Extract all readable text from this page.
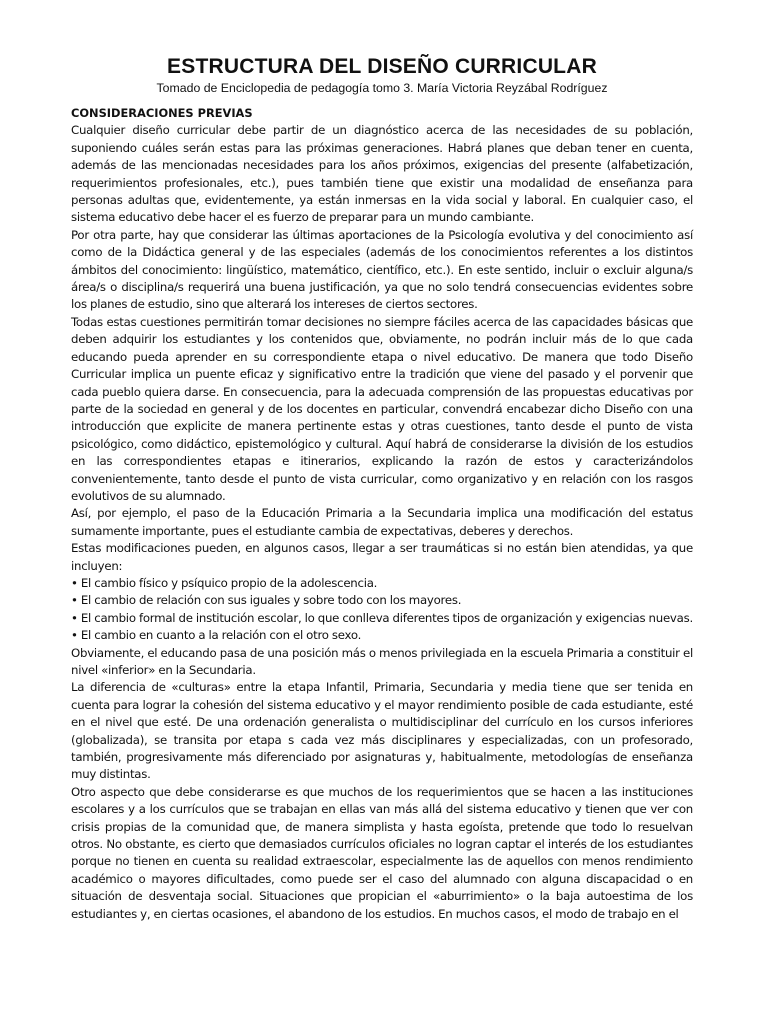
ESTRUCTURA DEL DISEÑO CURRICULAR

Tomado de Enciclopedia de pedagogía tomo 3. María Victoria Reyzábal Rodríguez

CONSIDERACIONES PREVIAS

Cualquier diseño curricular debe partir de un diagnóstico acerca de las necesidades de su población, suponiendo cuáles serán estas para las próximas generaciones. Habrá planes que deban tener en cuenta, además de las mencionadas necesidades para los años próximos, exigencias del presente (alfabetización, requerimientos profesionales, etc.), pues también tiene que existir una modalidad de enseñanza para personas adultas que, evidentemente, ya están inmersas en la vida social y laboral. En cualquier caso, el sistema educativo debe hacer el es fuerzo de preparar para un mundo cambiante.

Por otra parte, hay que considerar las últimas aportaciones de la Psicología evolutiva y del conocimiento así como de la Didáctica general y de las especiales (además de los conocimientos referentes a los distintos ámbitos del conocimiento: lingüístico, matemático, científico, etc.). En este sentido, incluir o excluir alguna/s área/s o disciplina/s requerirá una buena justificación, ya que no solo tendrá consecuencias evidentes sobre los planes de estudio, sino que alterará los intereses de ciertos sectores.

Todas estas cuestiones permitirán tomar decisiones no siempre fáciles acerca de las capacidades básicas que deben adquirir los estudiantes y los contenidos que, obviamente, no podrán incluir más de lo que cada educando pueda aprender en su correspondiente etapa o nivel educativo. De manera que todo Diseño Curricular implica un puente eficaz y significativo entre la tradición que viene del pasado y el porvenir que cada pueblo quiera darse. En consecuencia, para la adecuada comprensión de las propuestas educativas por parte de la sociedad en general y de los docentes en particular, convendrá encabezar dicho Diseño con una introducción que explicite de manera pertinente estas y otras cuestiones, tanto desde el punto de vista psicológico, como didáctico, epistemológico y cultural. Aquí habrá de considerarse la división de los estudios en las correspondientes etapas e itinerarios, explicando la razón de estos y caracterizándolos convenientemente, tanto desde el punto de vista curricular, como organizativo y en relación con los rasgos evolutivos de su alumnado.

Así, por ejemplo, el paso de la Educación Primaria a la Secundaria implica una modificación del estatus sumamente importante, pues el estudiante cambia de expectativas, deberes y derechos.

Estas modificaciones pueden, en algunos casos, llegar a ser traumáticas si no están bien atendidas, ya que incluyen:

• El cambio físico y psíquico propio de la adolescencia.
• El cambio de relación con sus iguales y sobre todo con los mayores.
• El cambio formal de institución escolar, lo que conlleva diferentes tipos de organización y exigencias nuevas.
• El cambio en cuanto a la relación con el otro sexo.

Obviamente, el educando pasa de una posición más o menos privilegiada en la escuela Primaria a constituir el nivel «inferior» en la Secundaria.

La diferencia de «culturas» entre la etapa Infantil, Primaria, Secundaria y media tiene que ser tenida en cuenta para lograr la cohesión del sistema educativo y el mayor rendimiento posible de cada estudiante, esté en el nivel que esté. De una ordenación generalista o multidisciplinar del currículo en los cursos inferiores (globalizada), se transita por etapa s cada vez más disciplinares y especializadas, con un profesorado, también, progresivamente más diferenciado por asignaturas y, habitualmente, metodologías de enseñanza muy distintas.

Otro aspecto que debe considerarse es que muchos de los requerimientos que se hacen a las instituciones escolares y a los currículos que se trabajan en ellas van más allá del sistema educativo y tienen que ver con crisis propias de la comunidad que, de manera simplista y hasta egoísta, pretende que todo lo resuelvan otros. No obstante, es cierto que demasiados currículos oficiales no logran captar el interés de los estudiantes porque no tienen en cuenta su realidad extraescolar, especialmente las de aquellos con menos rendimiento académico o mayores dificultades, como puede ser el caso del alumnado con alguna discapacidad o en situación de desventaja social. Situaciones que propician el «aburrimiento» o la baja autoestima de los estudiantes y, en ciertas ocasiones, el abandono de los estudios. En muchos casos, el modo de trabajo en el
